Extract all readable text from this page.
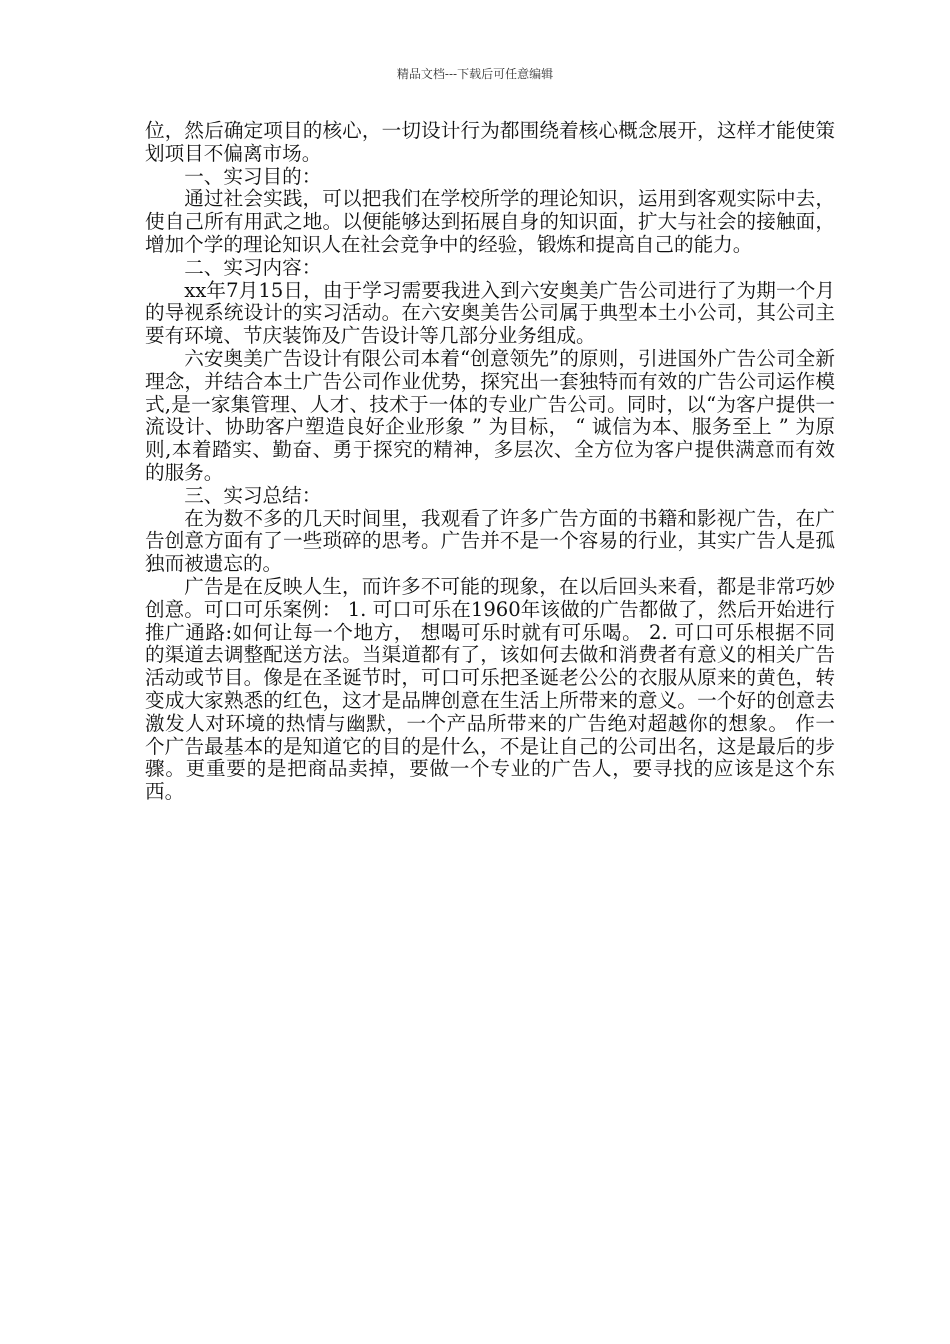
精品文档---下载后可任意编辑

位，然后确定项目的核心，一切设计行为都围绕着核心概念展开，这样才能使策划项目不偏离市场。

一、实习目的：

通过社会实践，可以把我们在学校所学的理论知识，运用到客观实际中去，使自己所有用武之地。以便能够达到拓展自身的知识面，扩大与社会的接触面，增加个学的理论知识人在社会竞争中的经验，锻炼和提高自己的能力。

二、实习内容：

xx年7月15日，由于学习需要我进入到六安奥美广告公司进行了为期一个月的导视系统设计的实习活动。在六安奥美告公司属于典型本土小公司，其公司主要有环境、节庆装饰及广告设计等几部分业务组成。

六安奥美广告设计有限公司本着“创意领先”的原则，引进国外广告公司全新理念，并结合本土广告公司作业优势，探究出一套独特而有效的广告公司运作模式,是一家集管理、人才、技术于一体的专业广告公司。同时，以“为客户提供一流设计、协助客户塑造良好企业形象 ” 为目标， “ 诚信为本、服务至上 ” 为原则,本着踏实、勤奋、勇于探究的精神，多层次、全方位为客户提供满意而有效的服务。

三、实习总结：

在为数不多的几天时间里，我观看了许多广告方面的书籍和影视广告，在广告创意方面有了一些琐碎的思考。广告并不是一个容易的行业，其实广告人是孤独而被遗忘的。

广告是在反映人生，而许多不可能的现象，在以后回头来看，都是非常巧妙创意。可口可乐案例： 1. 可口可乐在1960年该做的广告都做了，然后开始进行推广通路:如何让每一个地方， 想喝可乐时就有可乐喝。 2. 可口可乐根据不同的渠道去调整配送方法。当渠道都有了，该如何去做和消费者有意义的相关广告活动或节目。像是在圣诞节时，可口可乐把圣诞老公公的衣服从原来的黄色，转变成大家熟悉的红色，这才是品牌创意在生活上所带来的意义。一个好的创意去激发人对环境的热情与幽默，一个产品所带来的广告绝对超越你的想象。 作一个广告最基本的是知道它的目的是什么，不是让自己的公司出名，这是最后的步骤。更重要的是把商品卖掉，要做一个专业的广告人，要寻找的应该是这个东西。
